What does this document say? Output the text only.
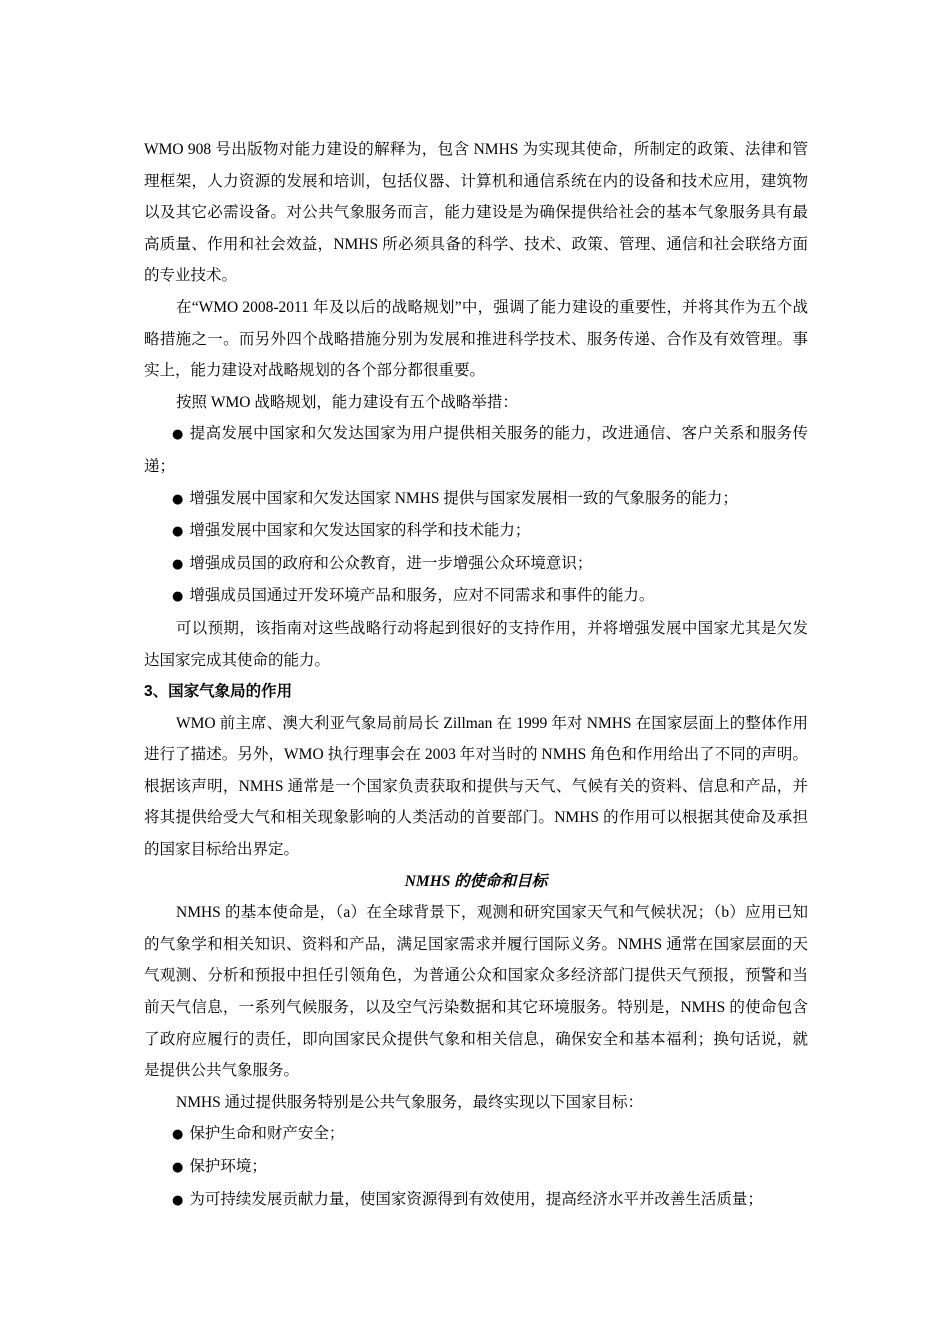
WMO 908 号出版物对能力建设的解释为，包含 NMHS 为实现其使命，所制定的政策、法律和管理框架，人力资源的发展和培训，包括仪器、计算机和通信系统在内的设备和技术应用，建筑物以及其它必需设备。对公共气象服务而言，能力建设是为确保提供给社会的基本气象服务具有最高质量、作用和社会效益，NMHS 所必须具备的科学、技术、政策、管理、通信和社会联络方面的专业技术。

在“WMO 2008-2011 年及以后的战略规划”中，强调了能力建设的重要性，并将其作为五个战略措施之一。而另外四个战略措施分别为发展和推进科学技术、服务传递、合作及有效管理。事实上，能力建设对战略规划的各个部分都很重要。

按照 WMO 战略规划，能力建设有五个战略举措：

● 提高发展中国家和欠发达国家为用户提供相关服务的能力，改进通信、客户关系和服务传递；

● 增强发展中国家和欠发达国家 NMHS 提供与国家发展相一致的气象服务的能力；

● 增强发展中国家和欠发达国家的科学和技术能力；

● 增强成员国的政府和公众教育，进一步增强公众环境意识；

● 增强成员国通过开发环境产品和服务，应对不同需求和事件的能力。

可以预期，该指南对这些战略行动将起到很好的支持作用，并将增强发展中国家尤其是欠发达国家完成其使命的能力。

3、国家气象局的作用

WMO 前主席、澳大利亚气象局前局长 Zillman 在 1999 年对 NMHS 在国家层面上的整体作用进行了描述。另外，WMO 执行理事会在 2003 年对当时的 NMHS 角色和作用给出了不同的声明。根据该声明，NMHS 通常是一个国家负责获取和提供与天气、气候有关的资料、信息和产品，并将其提供给受大气和相关现象影响的人类活动的首要部门。NMHS 的作用可以根据其使命及承担的国家目标给出界定。

NMHS 的使命和目标

NMHS 的基本使命是，（a）在全球背景下，观测和研究国家天气和气候状况；（b）应用已知的气象学和相关知识、资料和产品，满足国家需求并履行国际义务。NMHS 通常在国家层面的天气观测、分析和预报中担任引领角色，为普通公众和国家众多经济部门提供天气预报，预警和当前天气信息，一系列气候服务，以及空气污染数据和其它环境服务。特别是，NMHS 的使命包含了政府应履行的责任，即向国家民众提供气象和相关信息，确保安全和基本福利；换句话说，就是提供公共气象服务。

NMHS 通过提供服务特别是公共气象服务，最终实现以下国家目标：

● 保护生命和财产安全；

● 保护环境；

● 为可持续发展贡献力量，使国家资源得到有效使用，提高经济水平并改善生活质量；
